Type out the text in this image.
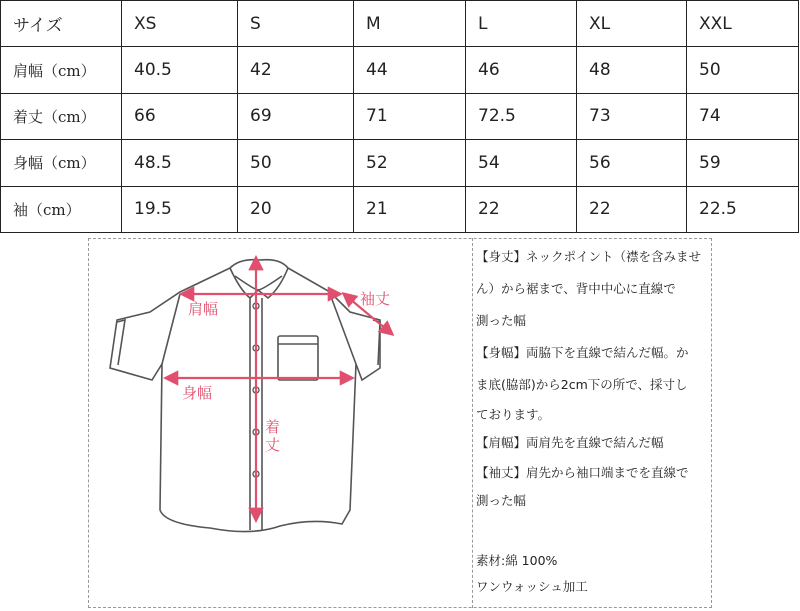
サイズ	XS	S	M	L	XL	XXL
肩幅（cm）	40.5	42	44	46	48	50
着丈（cm）	66	69	71	72.5	73	74
身幅（cm）	48.5	50	52	54	56	59
袖（cm）	19.5	20	21	22	22	22.5
肩幅
袖丈
身幅
着
丈
【身丈】ネックポイント（襟を含みませ
ん）から裾まで、背中中心に直線で
測った幅
【身幅】両脇下を直線で結んだ幅。か
ま底(脇部)から2cm下の所で、採寸し
ております。
【肩幅】両肩先を直線で結んだ幅
【袖丈】肩先から袖口端までを直線で
測った幅
素材:綿 100%
ワンウォッシュ加工
